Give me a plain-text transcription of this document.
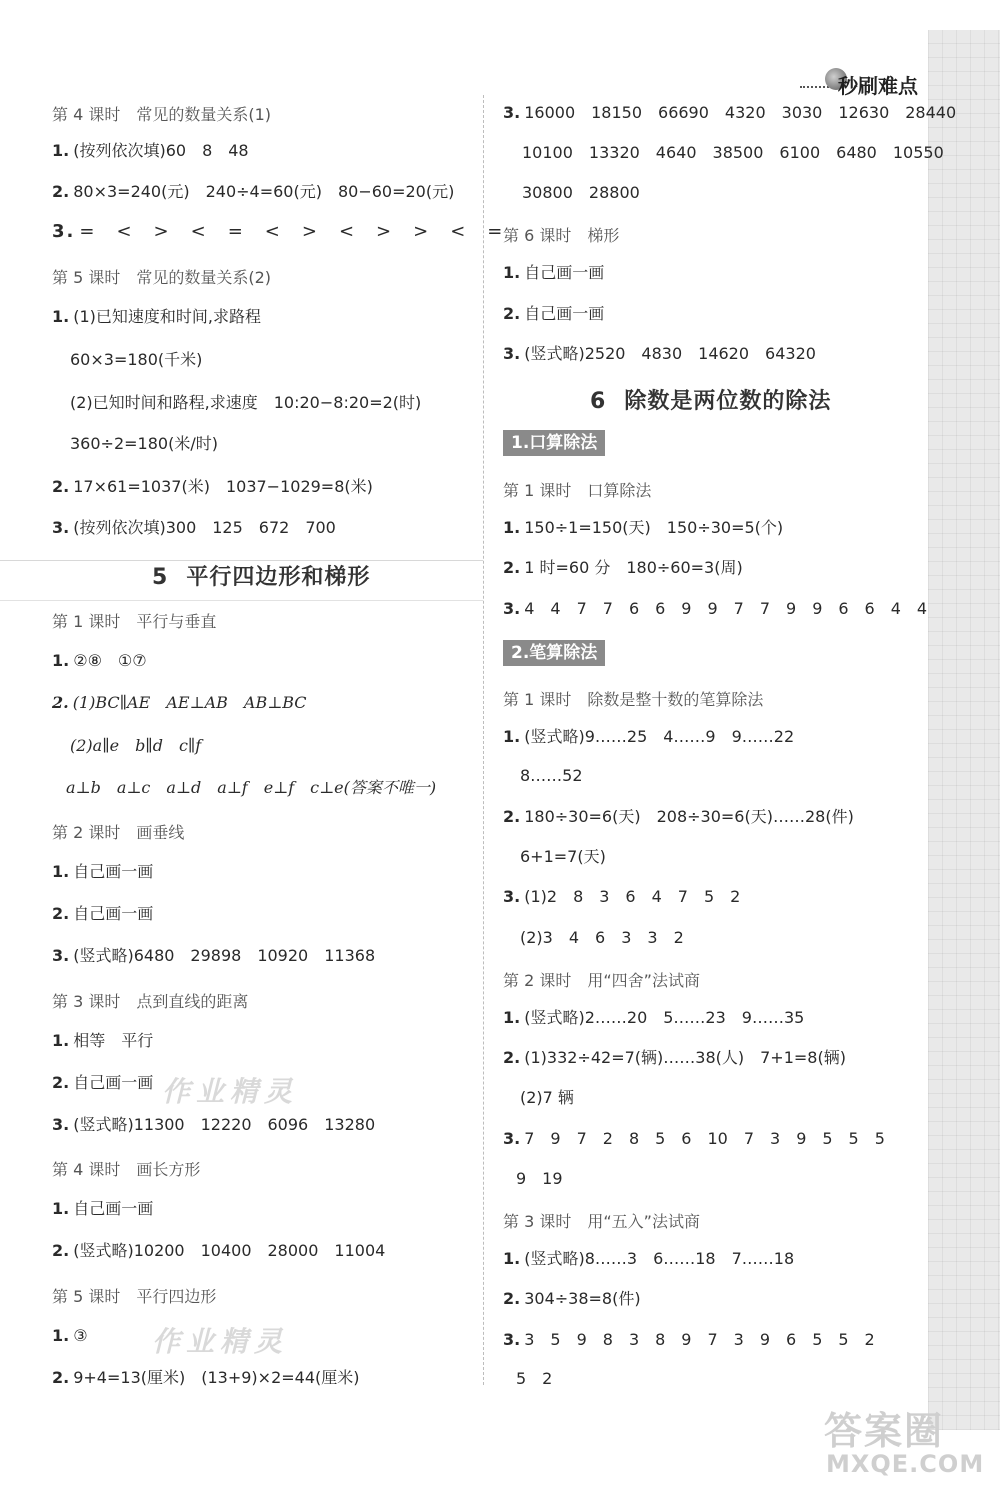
秒刷难点
第 4 课时 常见的数量关系(1)
1. (按列依次填)60　8　48
2. 80×3=240(元)　240÷4=60(元)　80−60=20(元)
3. =　<　>　<　=　<　>　<　>　>　<　=
第 5 课时 常见的数量关系(2)
1. (1)已知速度和时间,求路程
60×3=180(千米)
(2)已知时间和路程,求速度　10:20−8:20=2(时)
360÷2=180(米/时)
2. 17×61=1037(米)　1037−1029=8(米)
3. (按列依次填)300　125　672　700
5 平行四边形和梯形
第 1 课时 平行与垂直
1. ②⑧　①⑦
2. (1)BC∥AE　AE⊥AB　AB⊥BC
(2)a∥e　b∥d　c∥f
a⊥b　a⊥c　a⊥d　a⊥f　e⊥f　c⊥e(答案不唯一)
第 2 课时 画垂线
1. 自己画一画
2. 自己画一画
3. (竖式略)6480　29898　10920　11368
第 3 课时 点到直线的距离
1. 相等　平行
2. 自己画一画
3. (竖式略)11300　12220　6096　13280
第 4 课时 画长方形
1. 自己画一画
2. (竖式略)10200　10400　28000　11004
第 5 课时 平行四边形
1. ③
2. 9+4=13(厘米)　(13+9)×2=44(厘米)
作业精灵
作业精灵
3. 16000　18150　66690　4320　3030　12630　28440
10100　13320　4640　38500　6100　6480　10550
30800　28800
第 6 课时 梯形
1. 自己画一画
2. 自己画一画
3. (竖式略)2520　4830　14620　64320
6 除数是两位数的除法
1.口算除法
第 1 课时 口算除法
1. 150÷1=150(天)　150÷30=5(个)
2. 1 时=60 分　180÷60=3(周)
3. 4　4　7　7　6　6　9　9　7　7　9　9　6　6　4　4
2.笔算除法
第 1 课时 除数是整十数的笔算除法
1. (竖式略)9……25　4……9　9……22
8……52
2. 180÷30=6(天)　208÷30=6(天)……28(件)
6+1=7(天)
3. (1)2　8　3　6　4　7　5　2
(2)3　4　6　3　3　2
第 2 课时 用“四舍”法试商
1. (竖式略)2……20　5……23　9……35
2. (1)332÷42=7(辆)……38(人)　7+1=8(辆)
(2)7 辆
3. 7　9　7　2　8　5　6　10　7　3　9　5　5　5
9　19
第 3 课时 用“五入”法试商
1. (竖式略)8……3　6……18　7……18
2. 304÷38=8(件)
3. 3　5　9　8　3　8　9　7　3　9　6　5　5　2
5　2
答案圈
MXQE.COM
